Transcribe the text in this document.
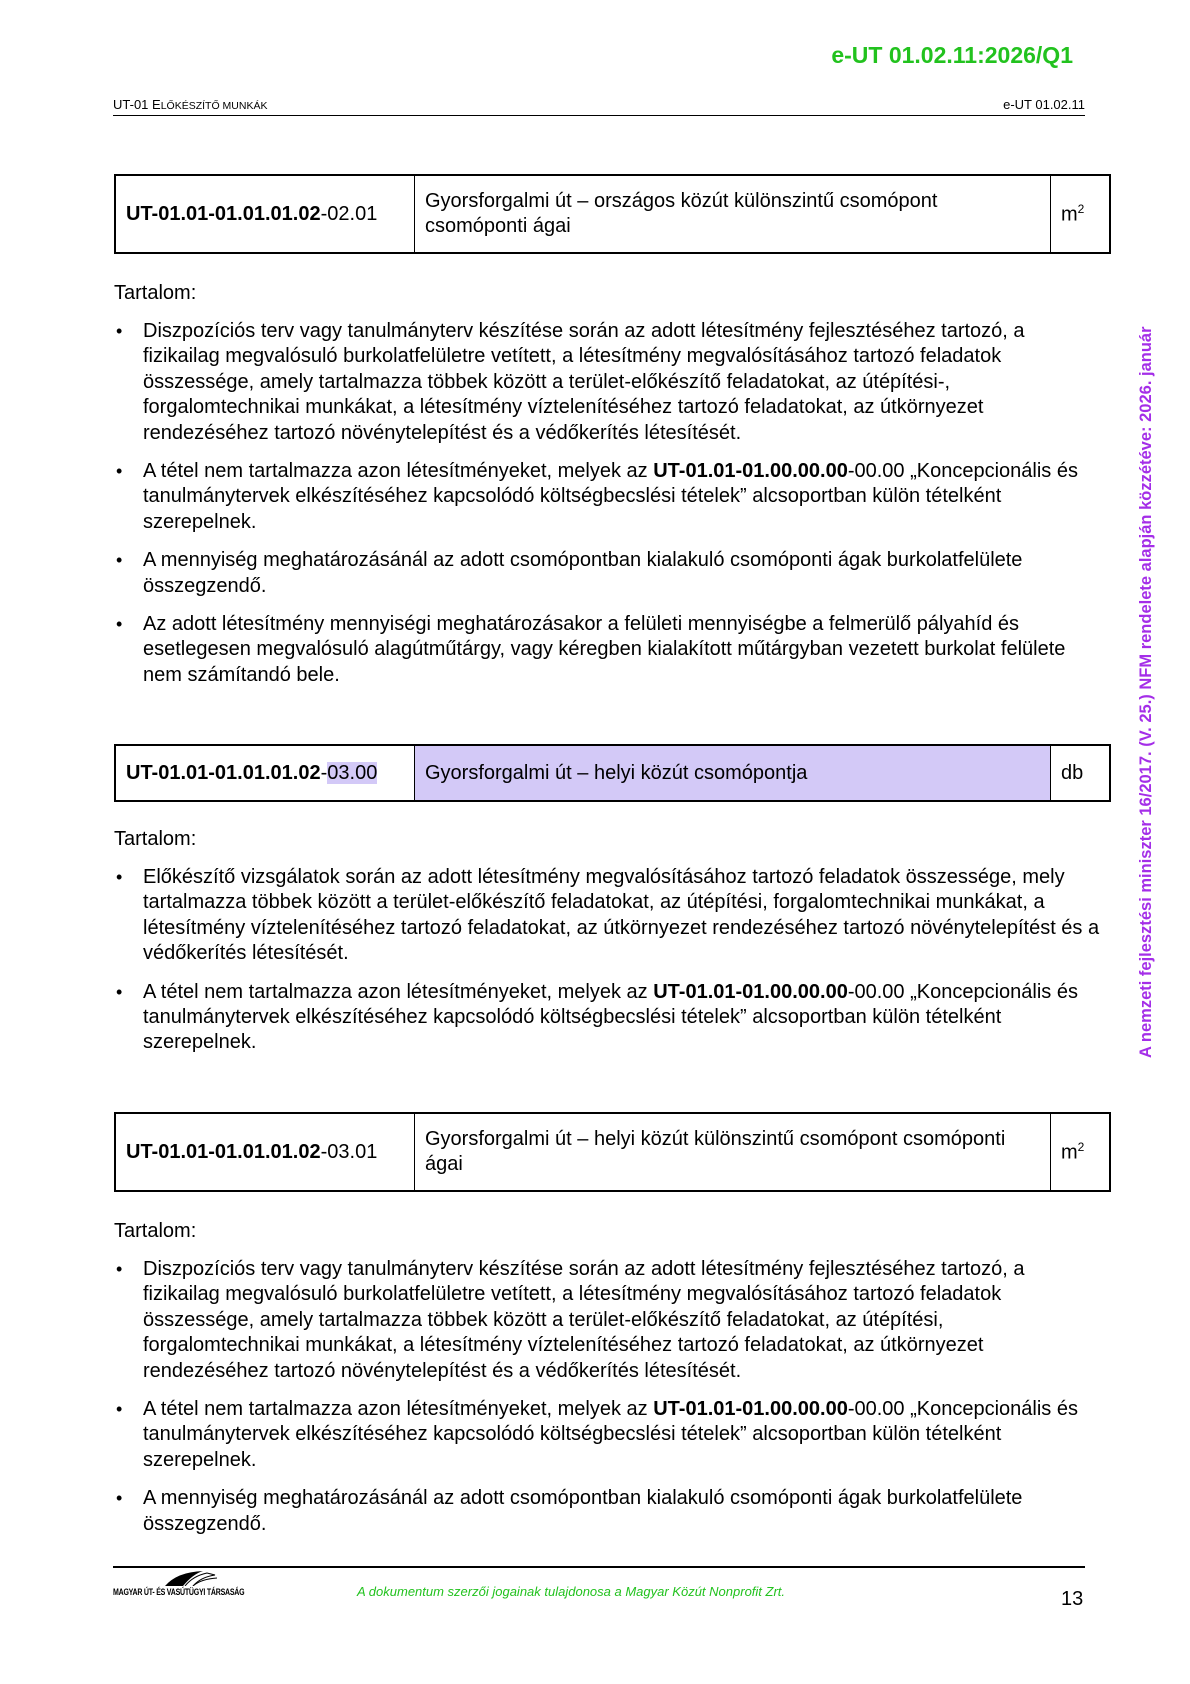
e-UT 01.02.11:2026/Q1
UT-01 ELŐKÉSZÍTŐ MUNKÁK	e-UT 01.02.11
A nemzeti fejlesztési miniszter 16/2017. (V. 25.) NFM rendelete alapján közzétéve: 2026. január
UT-01.01-01.01.01.02-02.01	Gyorsforgalmi út – országos közút különszintű csomópont csomóponti ágai	$m^2$
Tartalom:
• Diszpozíciós terv vagy tanulmányterv készítése során az adott létesítmény fejlesztéséhez tartozó, a fizikailag megvalósuló burkolatfelületre vetített, a létesítmény megvalósításához tartozó feladatok összessége, amely tartalmazza többek között a terület-előkészítő feladatokat, az útépítési-, forgalomtechnikai munkákat, a létesítmény víztelenítéséhez tartozó feladatokat, az útkörnyezet rendezéséhez tartozó növénytelepítést és a védőkerítés létesítését.
• A tétel nem tartalmazza azon létesítményeket, melyek az UT-01.01-01.00.00.00-00.00 „Koncepcionális és tanulmánytervek elkészítéséhez kapcsolódó költségbecslési tételek” alcsoportban külön tételként szerepelnek.
• A mennyiség meghatározásánál az adott csomópontban kialakuló csomóponti ágak burkolatfelülete összegzendő.
• Az adott létesítmény mennyiségi meghatározásakor a felületi mennyiségbe a felmerülő pályahíd és esetlegesen megvalósuló alagútműtárgy, vagy kéregben kialakított műtárgyban vezetett burkolat felülete nem számítandó bele.
UT-01.01-01.01.01.02-03.00	Gyorsforgalmi út – helyi közút csomópontja	db
Tartalom:
• Előkészítő vizsgálatok során az adott létesítmény megvalósításához tartozó feladatok összessége, mely tartalmazza többek között a terület-előkészítő feladatokat, az útépítési, forgalomtechnikai munkákat, a létesítmény víztelenítéséhez tartozó feladatokat, az útkörnyezet rendezéséhez tartozó növénytelepítést és a védőkerítés létesítését.
• A tétel nem tartalmazza azon létesítményeket, melyek az UT-01.01-01.00.00.00-00.00 „Koncepcionális és tanulmánytervek elkészítéséhez kapcsolódó költségbecslési tételek” alcsoportban külön tételként szerepelnek.
UT-01.01-01.01.01.02-03.01	Gyorsforgalmi út – helyi közút különszintű csomópont csomóponti ágai	$m^2$
Tartalom:
• Diszpozíciós terv vagy tanulmányterv készítése során az adott létesítmény fejlesztéséhez tartozó, a fizikailag megvalósuló burkolatfelületre vetített, a létesítmény megvalósításához tartozó feladatok összessége, amely tartalmazza többek között a terület-előkészítő feladatokat, az útépítési, forgalomtechnikai munkákat, a létesítmény víztelenítéséhez tartozó feladatokat, az útkörnyezet rendezéséhez tartozó növénytelepítést és a védőkerítés létesítését.
• A tétel nem tartalmazza azon létesítményeket, melyek az UT-01.01-01.00.00.00-00.00 „Koncepcionális és tanulmánytervek elkészítéséhez kapcsolódó költségbecslési tételek” alcsoportban külön tételként szerepelnek.
• A mennyiség meghatározásánál az adott csomópontban kialakuló csomóponti ágak burkolatfelülete összegzendő.
MAGYAR ÚT- ÉS VASÚTÜGYI TÁRSASÁG	A dokumentum szerzői jogainak tulajdonosa a Magyar Közút Nonprofit Zrt.	13
